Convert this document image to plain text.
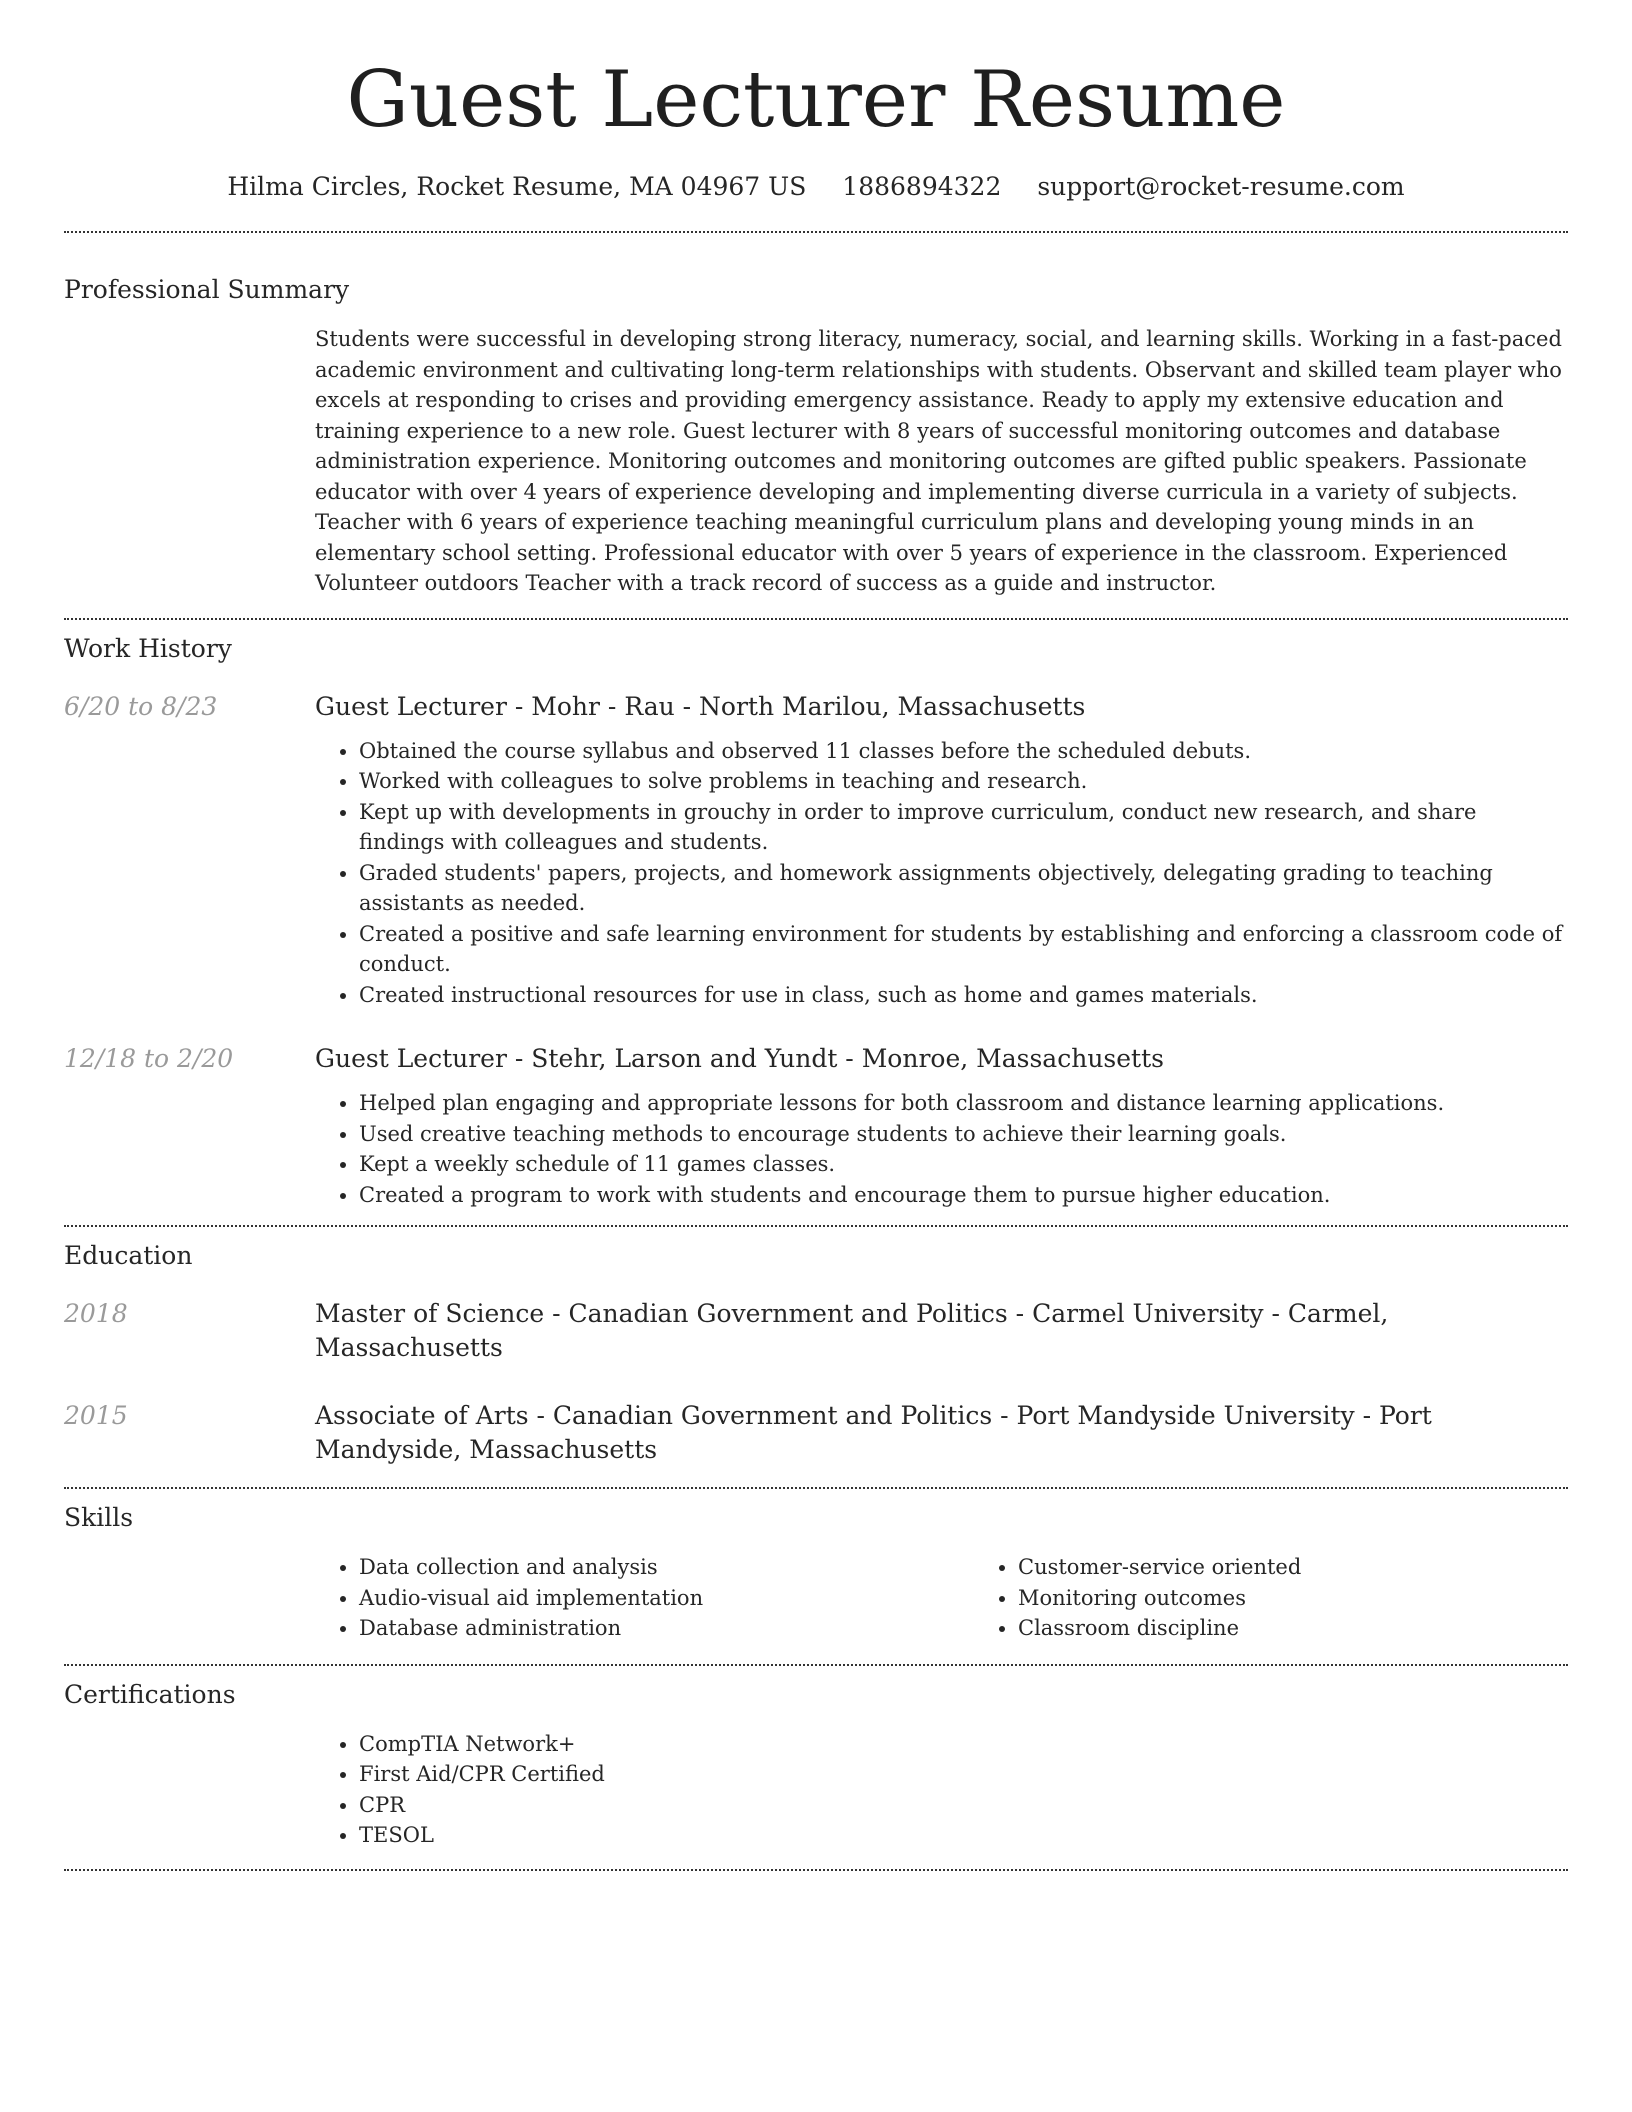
Guest Lecturer Resume
Hilma Circles, Rocket Resume, MA 04967 US 1886894322 support@rocket-resume.com
Professional Summary

Students were successful in developing strong literacy, numeracy, social, and learning skills. Working in a fast-paced academic environment and cultivating long-term relationships with students. Observant and skilled team player who excels at responding to crises and providing emergency assistance. Ready to apply my extensive education and training experience to a new role. Guest lecturer with 8 years of successful monitoring outcomes and database administration experience. Monitoring outcomes and monitoring outcomes are gifted public speakers. Passionate educator with over 4 years of experience developing and implementing diverse curricula in a variety of subjects. Teacher with 6 years of experience teaching meaningful curriculum plans and developing young minds in an elementary school setting. Professional educator with over 5 years of experience in the classroom. Experienced Volunteer outdoors Teacher with a track record of success as a guide and instructor.

Work History
6/20 to 8/23	Guest Lecturer - Mohr - Rau - North Marilou, Massachusetts
• Obtained the course syllabus and observed 11 classes before the scheduled debuts.
• Worked with colleagues to solve problems in teaching and research.
• Kept up with developments in grouchy in order to improve curriculum, conduct new research, and share findings with colleagues and students.
• Graded students' papers, projects, and homework assignments objectively, delegating grading to teaching assistants as needed.
• Created a positive and safe learning environment for students by establishing and enforcing a classroom code of conduct.
• Created instructional resources for use in class, such as home and games materials.
12/18 to 2/20	Guest Lecturer - Stehr, Larson and Yundt - Monroe, Massachusetts
• Helped plan engaging and appropriate lessons for both classroom and distance learning applications.
• Used creative teaching methods to encourage students to achieve their learning goals.
• Kept a weekly schedule of 11 games classes.
• Created a program to work with students and encourage them to pursue higher education.
Education
2018	Master of Science - Canadian Government and Politics - Carmel University - Carmel, Massachusetts
2015	Associate of Arts - Canadian Government and Politics - Port Mandyside University - Port Mandyside, Massachusetts
Skills
• Data collection and analysis
• Audio-visual aid implementation
• Database administration
• Customer-service oriented
• Monitoring outcomes
• Classroom discipline
Certifications
• CompTIA Network+
• First Aid/CPR Certified
• CPR
• TESOL
